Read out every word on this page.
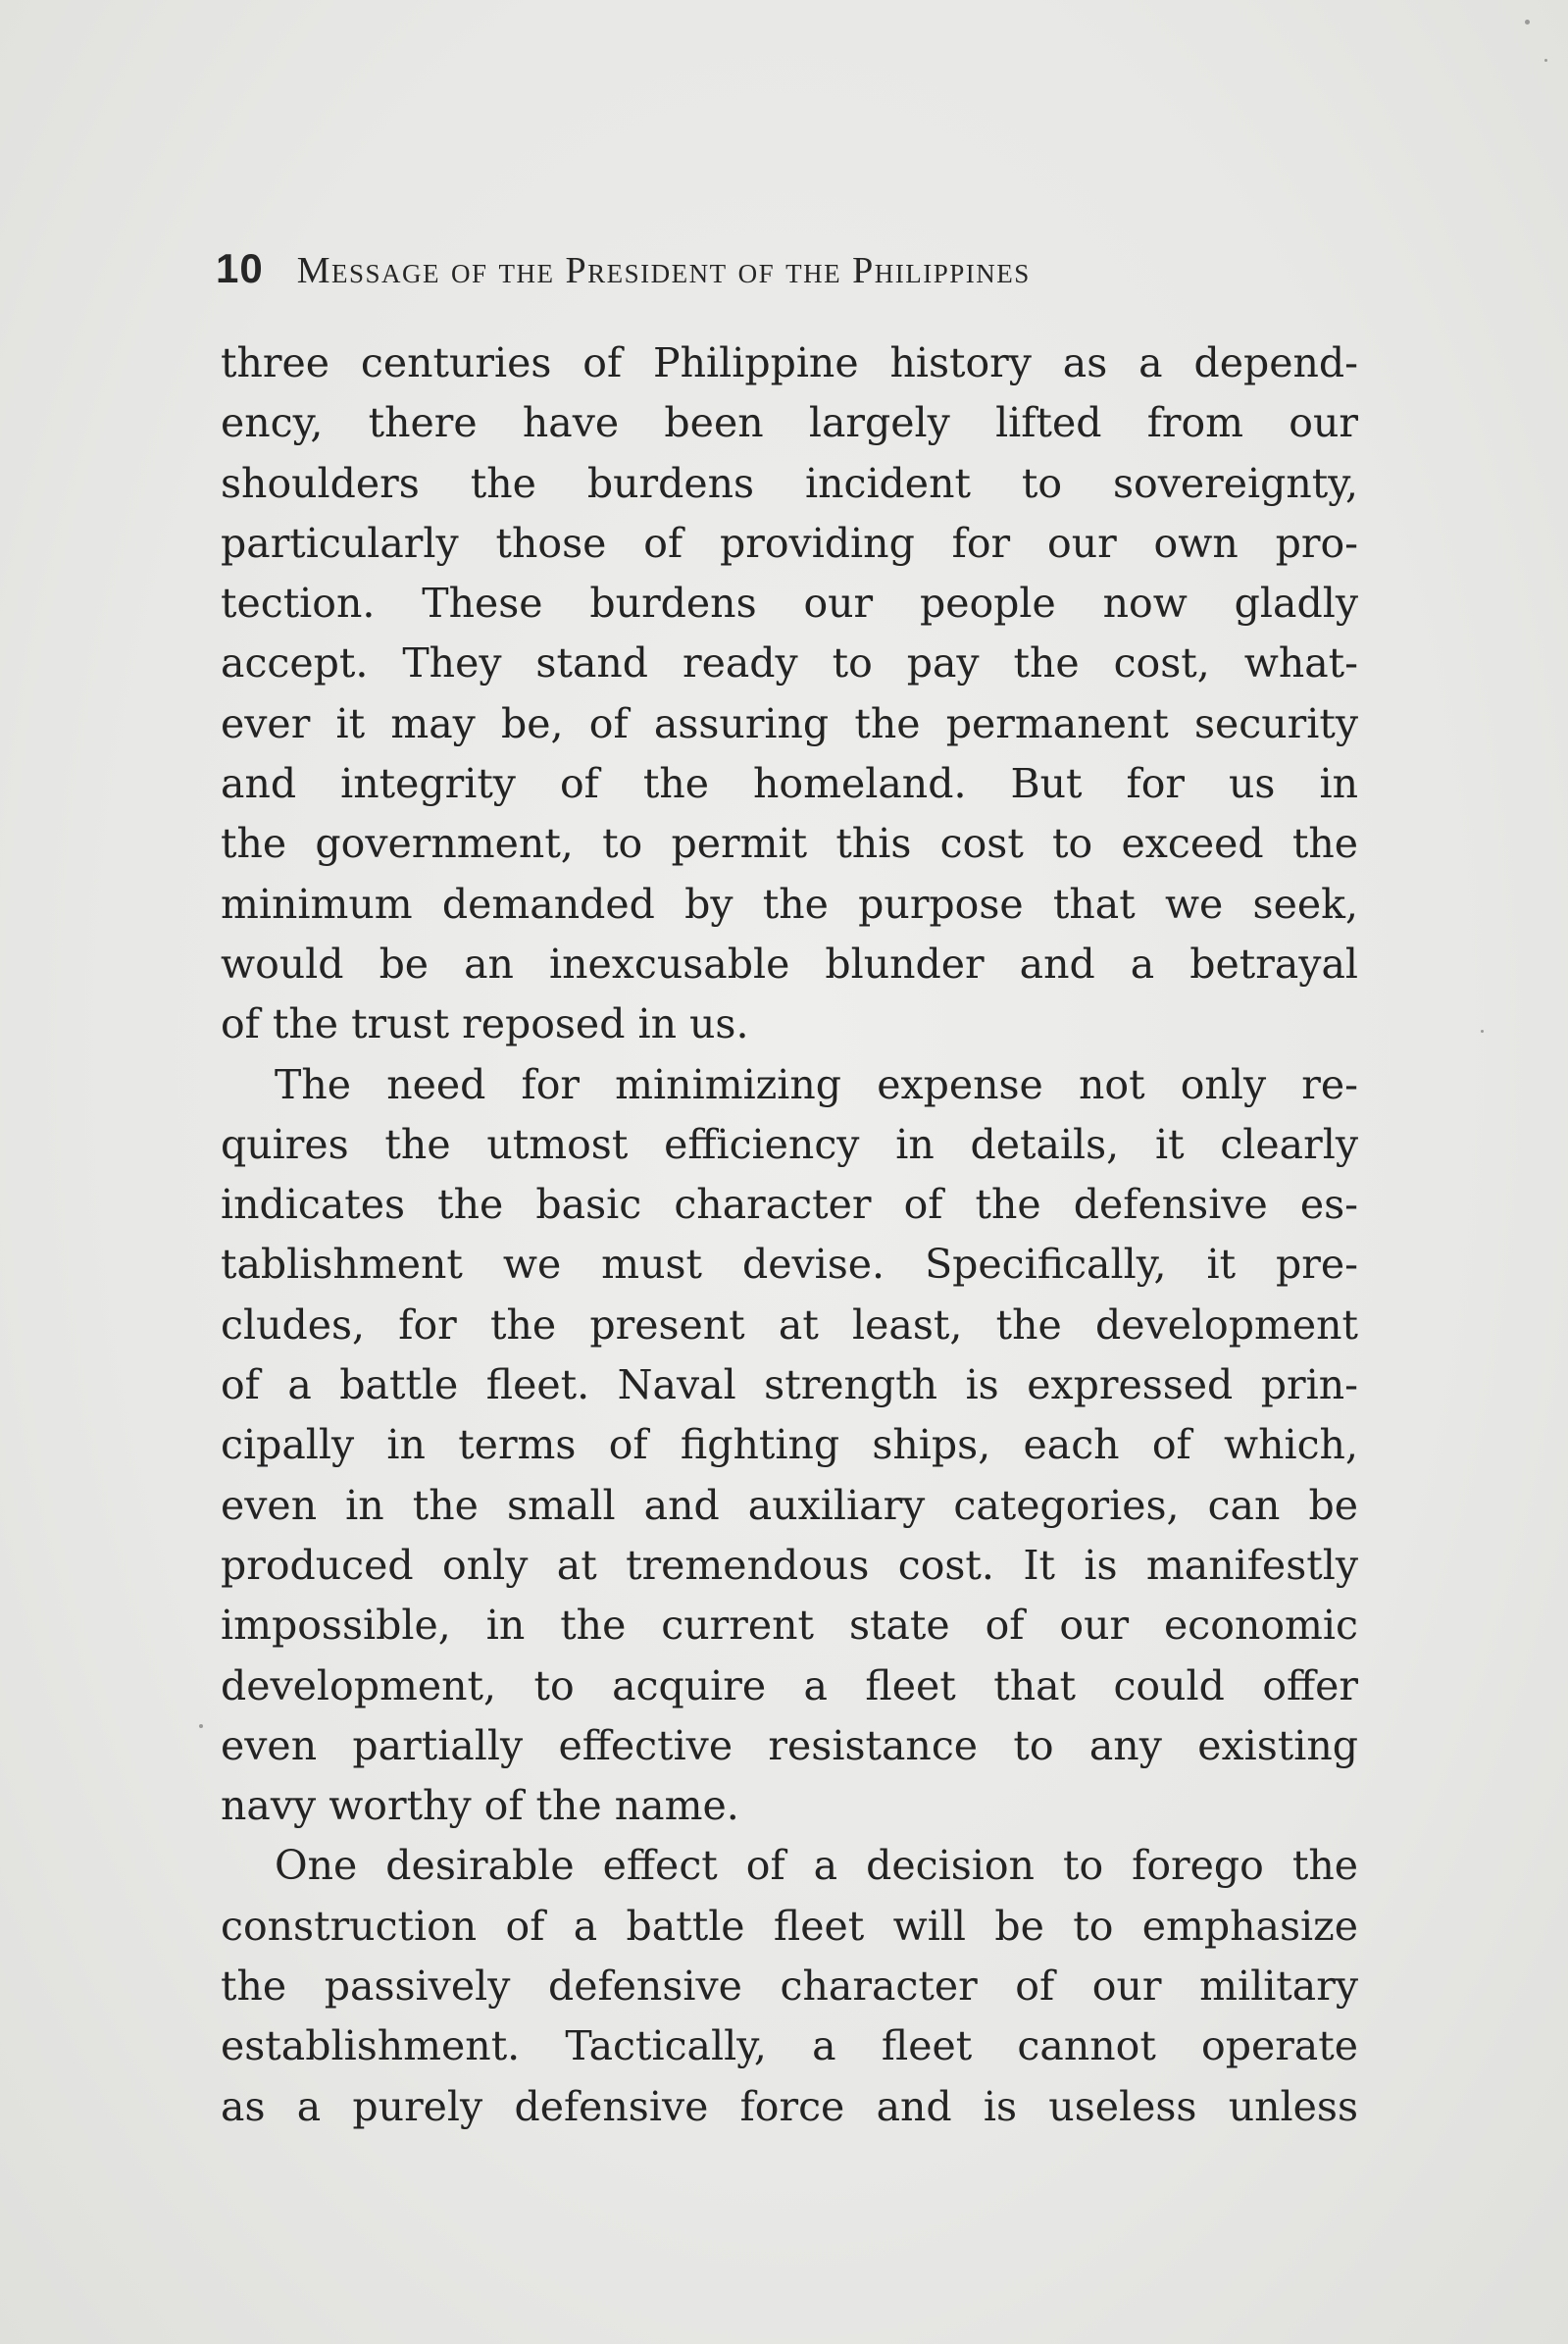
10 Message of the President of the Philippines

three centuries of Philippine history as a depend-
ency, there have been largely lifted from our
shoulders the burdens incident to sovereignty,
particularly those of providing for our own pro-
tection. These burdens our people now gladly
accept. They stand ready to pay the cost, what-
ever it may be, of assuring the permanent security
and integrity of the homeland. But for us in
the government, to permit this cost to exceed the
minimum demanded by the purpose that we seek,
would be an inexcusable blunder and a betrayal
of the trust reposed in us.

The need for minimizing expense not only re-
quires the utmost efficiency in details, it clearly
indicates the basic character of the defensive es-
tablishment we must devise. Specifically, it pre-
cludes, for the present at least, the development
of a battle fleet. Naval strength is expressed prin-
cipally in terms of fighting ships, each of which,
even in the small and auxiliary categories, can be
produced only at tremendous cost. It is manifestly
impossible, in the current state of our economic
development, to acquire a fleet that could offer
even partially effective resistance to any existing
navy worthy of the name.

One desirable effect of a decision to forego the
construction of a battle fleet will be to emphasize
the passively defensive character of our military
establishment. Tactically, a fleet cannot operate
as a purely defensive force and is useless unless
